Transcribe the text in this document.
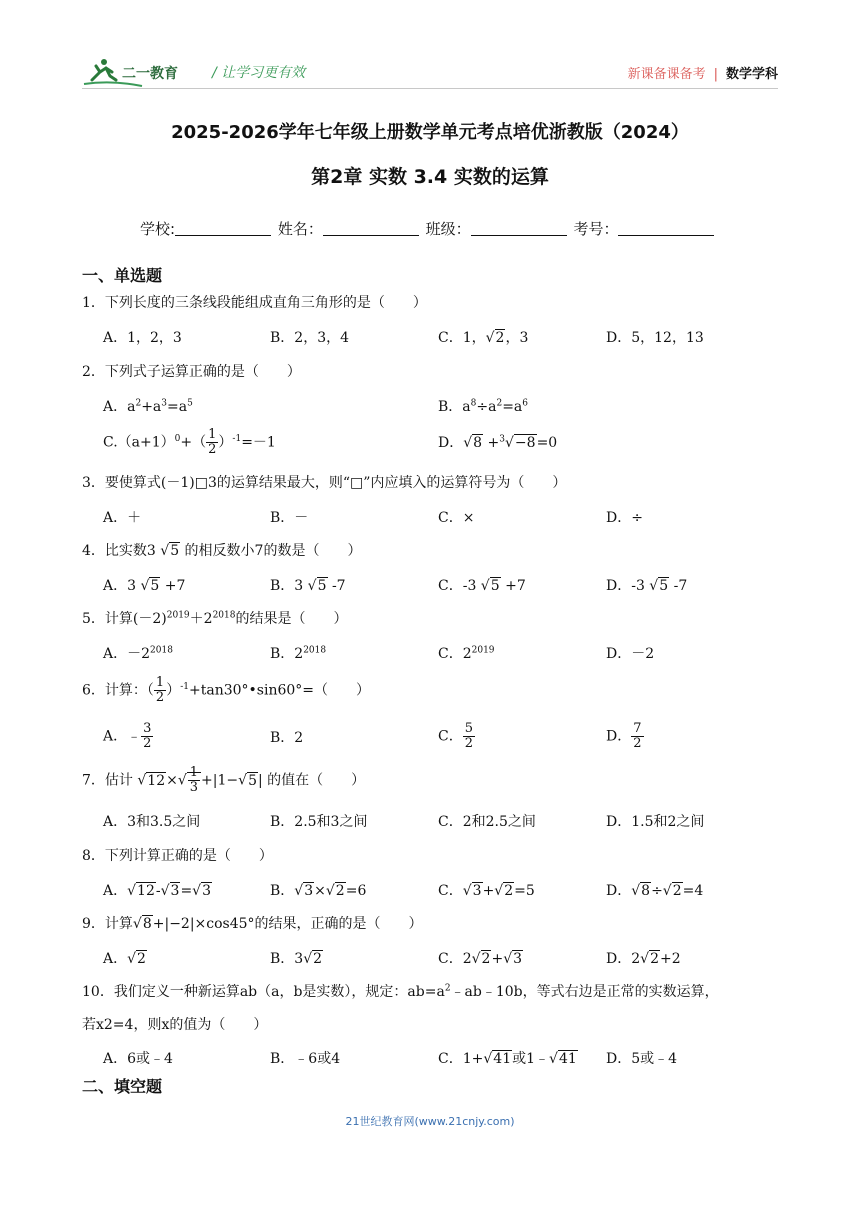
二一教育 / 让学习更有效	新课备课备考 | 数学学科
2025-2026学年七年级上册数学单元考点培优浙教版（2024）
第2章 实数 3.4 实数的运算
学校:	姓名：	班级：	考号：
一、单选题
1．下列长度的三条线段能组成直角三角形的是（　　）
A．1，2，3	B．2，3，4	C．1，√2，3	D．5，12，13
2．下列式子运算正确的是（　　）
A．$a^2+a^3=a^5$	B．$a^8\div a^2=a^6$
$C.(a+1)^0+( \frac{1}{2} )^{-1}=-1$	D．√8 +$^3$√−8=0
3．要使算式(－1)□3的运算结果最大，则“□”内应填入的运算符号为（　　）
A．＋	B．－	C．×	D．÷
4．比实数3 √5 的相反数小7的数是（　　）
A．3 √5 +7	B．3 √5 -7	C．-3 √5 +7	D．-3 √5 -7
5．计算$(-2)^{2019}+2^{2018}$的结果是（　　）
A．$-2^{2018}$	B．$2^{2018}$	C．$2^{2019}$	D．－2
6．计算：（ $\frac{1}{2}$ ）$^{-1}$+tan30°•sin60°=（　　）
A．﹣ $\frac{3}{2}$	B．2	C． $\frac{5}{2}$	D． $\frac{7}{2}$
7．估计 $√12\times√ \frac{1}{3} +|1-√5|$ 的值在（　　）
A．3和3.5之间	B．2.5和3之间	C．2和2.5之间	D．1.5和2之间
8．下列计算正确的是（　　）
A．√12-√3=√3	B．√3×√2=6	C．√3+√2=5	D．√8÷√2=4
9．计算√8+|−2|×cos45°的结果，正确的是（　　）
A．√2	B．3√2	C．2√2+√3	D．2√2+2
10．我们定义一种新运算ab（a，b是实数），规定：$ab=a^2﹣ab﹣10b$，等式右边是正常的实数运算，
若x2=4，则x的值为（　　）
A．6或﹣4	B．﹣6或4	C．1+√41或1﹣√41 D．5或﹣4
二、填空题
21世纪教育网(www.21cnjy.com)
